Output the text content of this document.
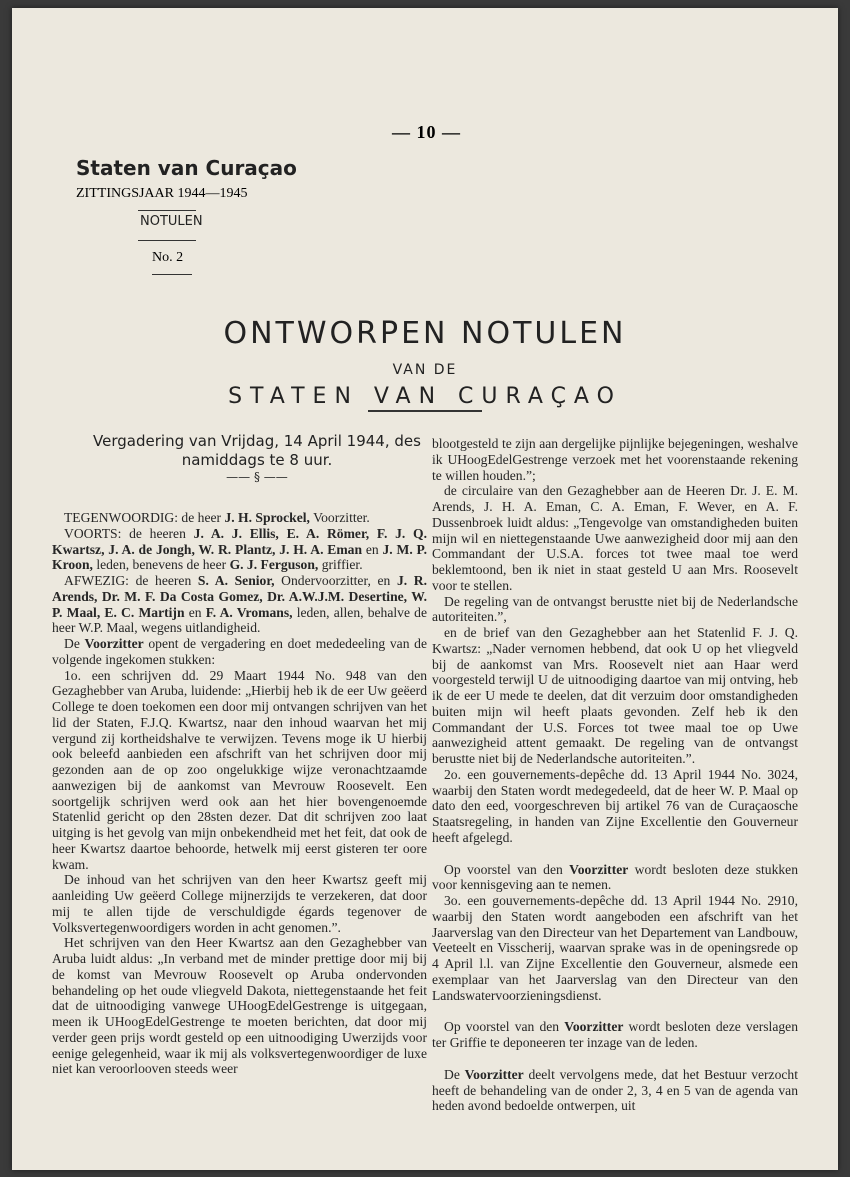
— 10 —
Staten van Curaçao
ZITTINGSJAAR 1944—1945
NOTULEN
No. 2
ONTWORPEN NOTULEN
VAN DE
STATEN VAN CURAÇAO
Vergadering van Vrijdag, 14 April 1944, des namiddags te 8 uur.
—— § ——

TEGENWOORDIG: de heer J. H. Sprockel, Voorzitter.

VOORTS: de heeren J. A. J. Ellis, E. A. Römer, F. J. Q. Kwartsz, J. A. de Jongh, W. R. Plantz, J. H. A. Eman en J. M. P. Kroon, leden, benevens de heer G. J. Ferguson, griffier.

AFWEZIG: de heeren S. A. Senior, Ondervoorzitter, en J. R. Arends, Dr. M. F. Da Costa Gomez, Dr. A.W.J.M. Desertine, W. P. Maal, E. C. Martijn en F. A. Vromans, leden, allen, behalve de heer W.P. Maal, wegens uitlandigheid.

De Voorzitter opent de vergadering en doet mededeeling van de volgende ingekomen stukken:

1o. een schrijven dd. 29 Maart 1944 No. 948 van den Gezaghebber van Aruba, luidende: „Hierbij heb ik de eer Uw geëerd College te doen toekomen een door mij ontvangen schrijven van het lid der Staten, F.J.Q. Kwartsz, naar den inhoud waarvan het mij vergund zij kortheidshalve te verwijzen. Tevens moge ik U hierbij ook beleefd aanbieden een afschrift van het schrijven door mij gezonden aan de op zoo ongelukkige wijze veronachtzaamde aanwezigen bij de aankomst van Mevrouw Roosevelt. Een soortgelijk schrijven werd ook aan het hier bovengenoemde Statenlid gericht op den 28sten dezer. Dat dit schrijven zoo laat uitging is het gevolg van mijn onbekendheid met het feit, dat ook de heer Kwartsz daartoe behoorde, hetwelk mij eerst gisteren ter oore kwam.

De inhoud van het schrijven van den heer Kwartsz geeft mij aanleiding Uw geëerd College mijnerzijds te verzekeren, dat door mij te allen tijde de verschuldigde égards tegenover de Volksvertegenwoordigers worden in acht genomen.”.

Het schrijven van den Heer Kwartsz aan den Gezaghebber van Aruba luidt aldus: „In verband met de minder prettige door mij bij de komst van Mevrouw Roosevelt op Aruba ondervonden behandeling op het oude vliegveld Dakota, niettegenstaande het feit dat de uitnoodiging vanwege UHoogEdelGestrenge is uitgegaan, meen ik UHoogEdelGestrenge te moeten berichten, dat door mij verder geen prijs wordt gesteld op een uitnoodiging Uwerzijds voor eenige gelegenheid, waar ik mij als volksvertegenwoordiger de luxe niet kan veroorlooven steeds weer

blootgesteld te zijn aan dergelijke pijnlijke bejegeningen, weshalve ik UHoogEdelGestrenge verzoek met het voorenstaande rekening te willen houden.”;

de circulaire van den Gezaghebber aan de Heeren Dr. J. E. M. Arends, J. H. A. Eman, C. A. Eman, F. Wever, en A. F. Dussenbroek luidt aldus: „Tengevolge van omstandigheden buiten mijn wil en niettegenstaande Uwe aanwezigheid door mij aan den Commandant der U.S.A. forces tot twee maal toe werd beklemtoond, ben ik niet in staat gesteld U aan Mrs. Roosevelt voor te stellen.

De regeling van de ontvangst berustte niet bij de Nederlandsche autoriteiten.”,

en de brief van den Gezaghebber aan het Statenlid F. J. Q. Kwartsz: „Nader vernomen hebbend, dat ook U op het vliegveld bij de aankomst van Mrs. Roosevelt niet aan Haar werd voorgesteld terwijl U de uitnoodiging daartoe van mij ontving, heb ik de eer U mede te deelen, dat dit verzuim door omstandigheden buiten mijn wil heeft plaats gevonden. Zelf heb ik den Commandant der U.S. Forces tot twee maal toe op Uwe aanwezigheid attent gemaakt. De regeling van de ontvangst berustte niet bij de Nederlandsche autoriteiten.”.

2o. een gouvernements-depêche dd. 13 April 1944 No. 3024, waarbij den Staten wordt medegedeeld, dat de heer W. P. Maal op dato den eed, voorgeschreven bij artikel 76 van de Curaçaosche Staatsregeling, in handen van Zijne Excellentie den Gouverneur heeft afgelegd.

Op voorstel van den Voorzitter wordt besloten deze stukken voor kennisgeving aan te nemen.

3o. een gouvernements-depêche dd. 13 April 1944 No. 2910, waarbij den Staten wordt aangeboden een afschrift van het Jaarverslag van den Directeur van het Departement van Landbouw, Veeteelt en Visscherij, waarvan sprake was in de openingsrede op 4 April l.l. van Zijne Excellentie den Gouverneur, alsmede een exemplaar van het Jaarverslag van den Directeur van den Landswatervoorzieningsdienst.

Op voorstel van den Voorzitter wordt besloten deze verslagen ter Griffie te deponeeren ter inzage van de leden.

De Voorzitter deelt vervolgens mede, dat het Bestuur verzocht heeft de behandeling van de onder 2, 3, 4 en 5 van de agenda van heden avond bedoelde ontwerpen, uit
